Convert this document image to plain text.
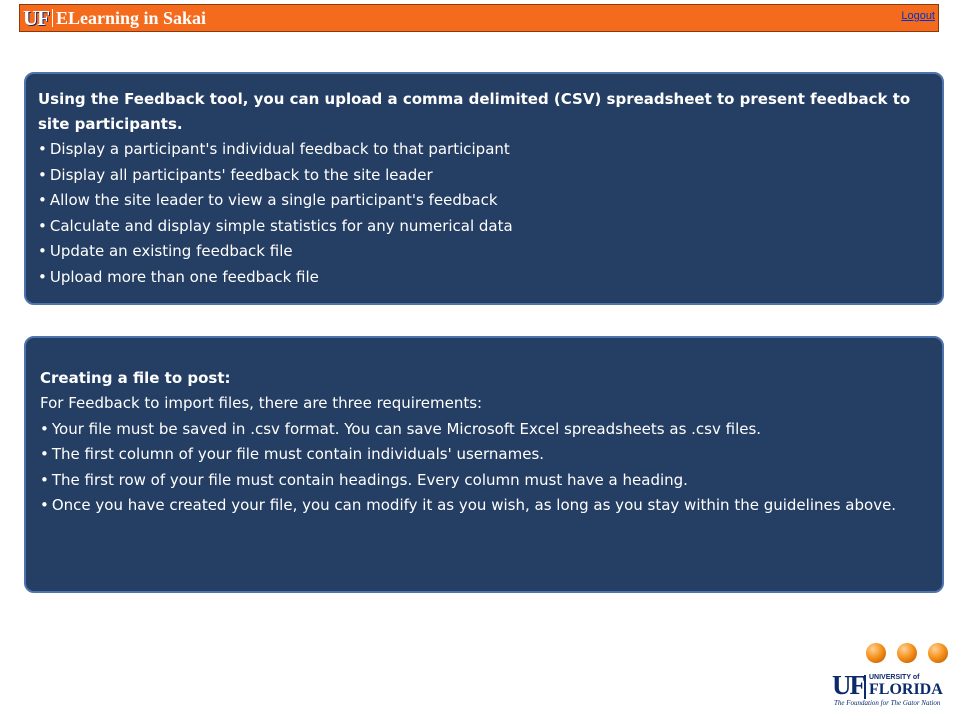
UF ELearning in Sakai	Logout

Using the Feedback tool, you can upload a comma delimited (CSV) spreadsheet to present feedback to site participants.

• Display a participant's individual feedback to that participant
• Display all participants' feedback to the site leader
• Allow the site leader to view a single participant's feedback
• Calculate and display simple statistics for any numerical data
• Update an existing feedback file
• Upload more than one feedback file

Creating a file to post:

For Feedback to import files, there are three requirements:

• Your file must be saved in .csv format. You can save Microsoft Excel spreadsheets as .csv files.
• The first column of your file must contain individuals' usernames.
• The first row of your file must contain headings. Every column must have a heading.
• Once you have created your file, you can modify it as you wish, as long as you stay within the guidelines above.
UF UNIVERSITY of
FLORIDA
The Foundation for The Gator Nation
